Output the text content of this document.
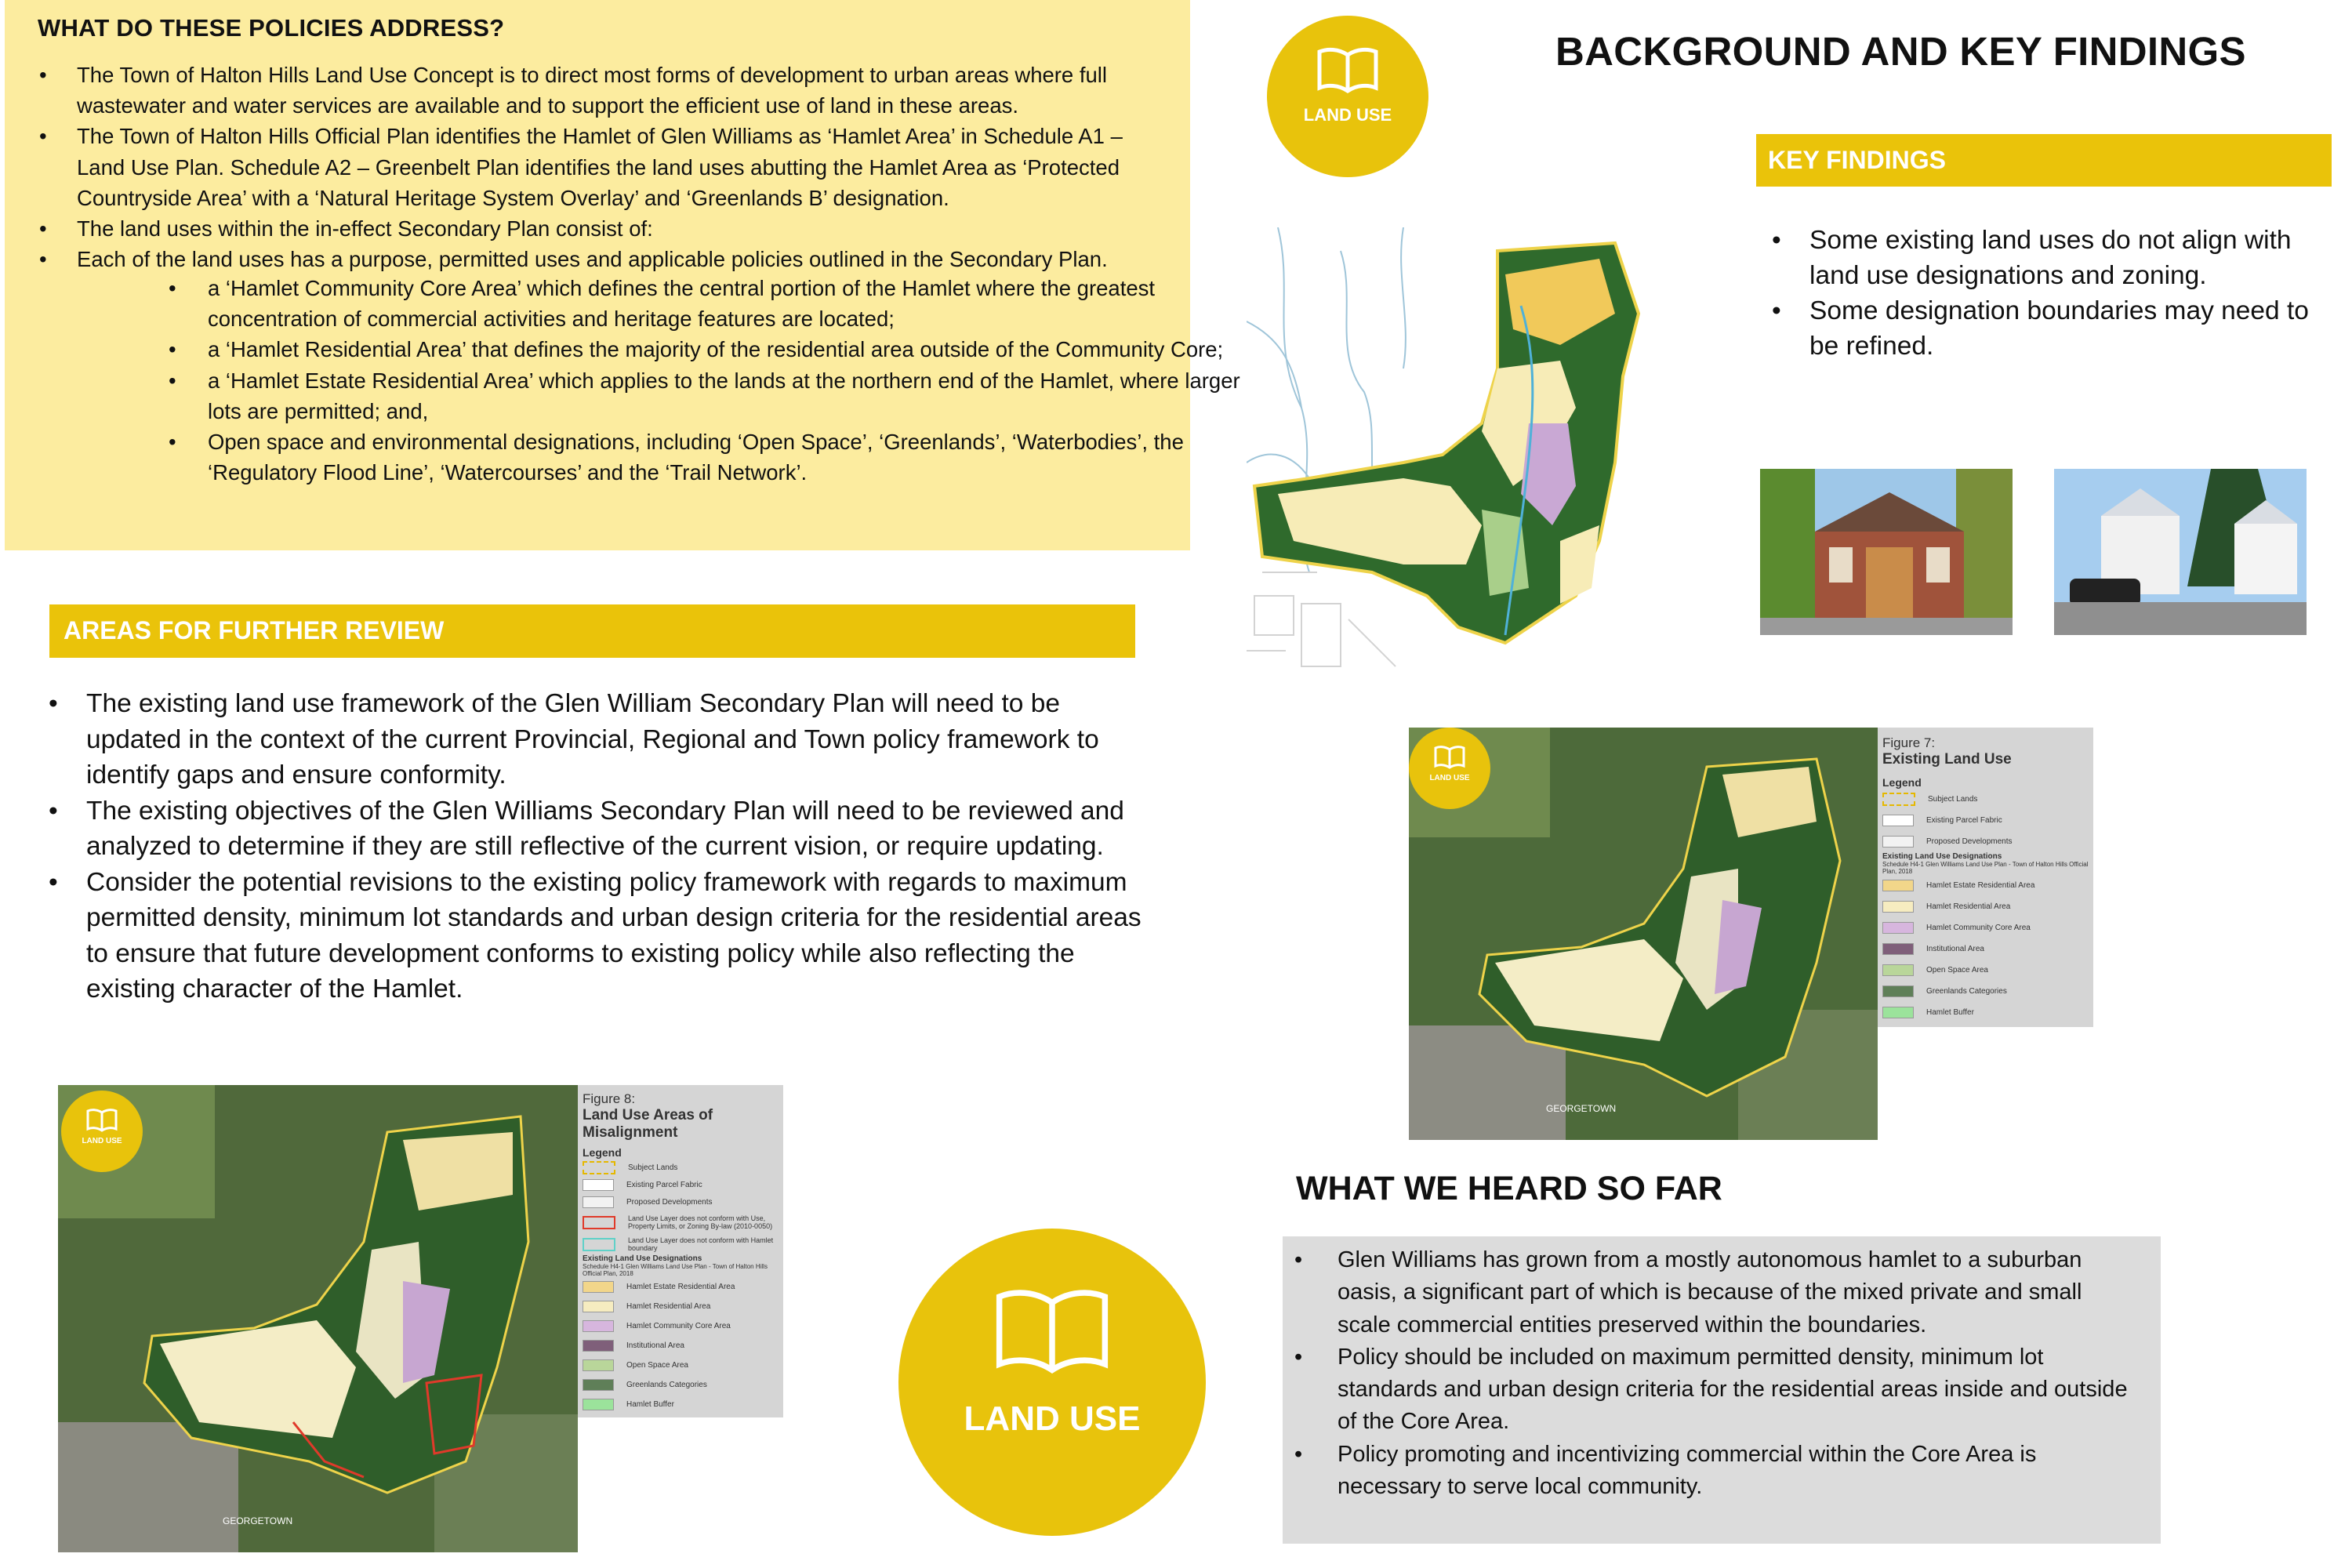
WHAT DO THESE POLICIES ADDRESS?
• The Town of Halton Hills Land Use Concept is to direct most forms of development to urban areas where full wastewater and water services are available and to support the efficient use of land in these areas.
• The Town of Halton Hills Official Plan identifies the Hamlet of Glen Williams as ‘Hamlet Area’ in Schedule A1 – Land Use Plan. Schedule A2 – Greenbelt Plan identifies the land uses abutting the Hamlet Area as ‘Protected Countryside Area’ with a ‘Natural Heritage System Overlay’ and ‘Greenlands B’ designation.
• The land uses within the in-effect Secondary Plan consist of:
• a ‘Hamlet Community Core Area’ which defines the central portion of the Hamlet where the greatest concentration of commercial activities and heritage features are located;
• a ‘Hamlet Residential Area’ that defines the majority of the residential area outside of the Community Core;
• a ‘Hamlet Estate Residential Area’ which applies to the lands at the northern end of the Hamlet, where larger lots are permitted; and,
• Open space and environmental designations, including ‘Open Space’, ‘Greenlands’, ‘Waterbodies’, the ‘Regulatory Flood Line’, ‘Watercourses’ and the ‘Trail Network’.
• Each of the land uses has a purpose, permitted uses and applicable policies outlined in the Secondary Plan.
AREAS FOR FURTHER REVIEW
• The existing land use framework of the Glen William Secondary Plan will need to be updated in the context of the current Provincial, Regional and Town policy framework to identify gaps and ensure conformity.
• The existing objectives of the Glen Williams Secondary Plan will need to be reviewed and analyzed to determine if they are still reflective of the current vision, or require updating.
• Consider the potential revisions to the existing policy framework with regards to maximum permitted density, minimum lot standards and urban design criteria for the residential areas to ensure that future development conforms to existing policy while also reflecting the existing character of the Hamlet.
BACKGROUND AND KEY FINDINGS
LAND USE
KEY FINDINGS
• Some existing land uses do not align with land use designations and zoning.
• Some designation boundaries may need to be refined.
GEORGETOWN
LAND USE
Figure 7:
Existing Land Use
Legend
Subject Lands
Existing Parcel Fabric
Proposed Developments
Existing Land Use Designations
Schedule H4-1 Glen Williams Land Use Plan - Town of Halton Hills Official Plan, 2018
Hamlet Estate Residential Area
Hamlet Residential Area
Hamlet Community Core Area
Institutional Area
Open Space Area
Greenlands Categories
Hamlet Buffer
WHAT WE HEARD SO FAR
• Glen Williams has grown from a mostly autonomous hamlet to a suburban oasis, a significant part of which is because of the mixed private and small scale commercial entities preserved within the boundaries.
• Policy should be included on maximum permitted density, minimum lot standards and urban design criteria for the residential areas inside and outside of the Core Area.
• Policy promoting and incentivizing commercial within the Core Area is necessary to serve local community.
LAND USE
GEORGETOWN
LAND USE
Figure 8:
Land Use Areas of Misalignment
Legend
Subject Lands
Existing Parcel Fabric
Proposed Developments
Land Use Layer does not conform with Use, Property Limits, or Zoning By-law (2010-0050)
Land Use Layer does not conform with Hamlet boundary
Existing Land Use Designations
Schedule H4-1 Glen Williams Land Use Plan - Town of Halton Hills Official Plan, 2018
Hamlet Estate Residential Area
Hamlet Residential Area
Hamlet Community Core Area
Institutional Area
Open Space Area
Greenlands Categories
Hamlet Buffer
